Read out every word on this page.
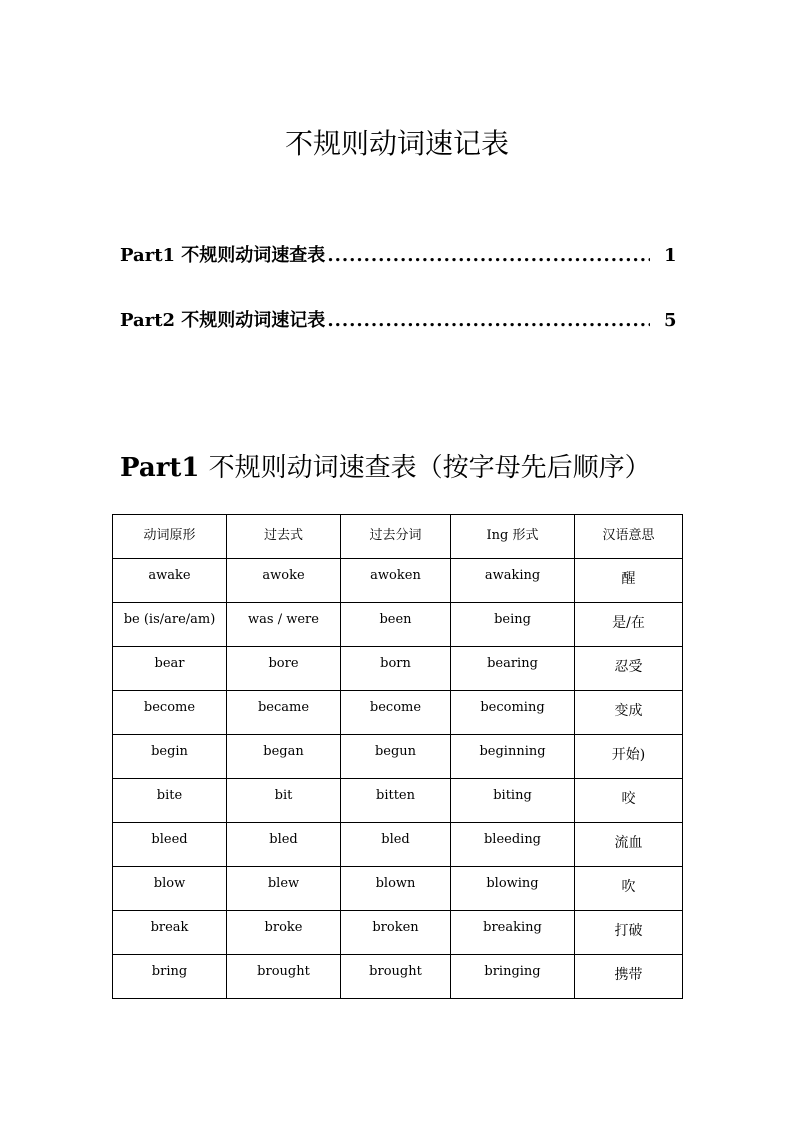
不规则动词速记表
Part1 不规则动词速查表 .....	1
Part2 不规则动词速记表 .....	5
Part1 不规则动词速查表（按字母先后顺序）
动词原形	过去式	过去分词	Ing 形式	汉语意思
awake	awoke	awoken	awaking	醒
be (is/are/am)	was / were	been	being	是/在
bear	bore	born	bearing	忍受
become	became	become	becoming	变成
begin	began	begun	beginning	开始)
bite	bit	bitten	biting	咬
bleed	bled	bled	bleeding	流血
blow	blew	blown	blowing	吹
break	broke	broken	breaking	打破
bring	brought	brought	bringing	携带
